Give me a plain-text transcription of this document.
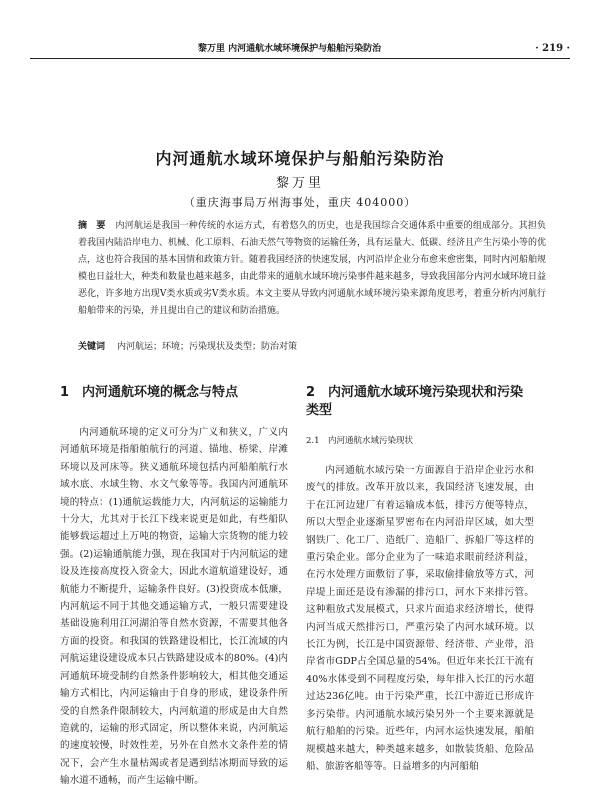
黎万里 内河通航水域环境保护与船舶污染防治	· 219 ·
内河通航水域环境保护与船舶污染防治
黎万里
（重庆海事局万州海事处，重庆 404000）
摘　要 内河航运是我国一种传统的水运方式，有着悠久的历史，也是我国综合交通体系中重要的组成部分。其担负着我国内陆沿岸电力、机械、化工原料、石油天然气等物资的运输任务，具有运量大、低碳、经济且产生污染小等的优点，这也符合我国的基本国情和政策方针。随着我国经济的快速发展，内河沿岸企业分布愈来愈密集，同时内河船舶规模也日益壮大，种类和数量也越来越多，由此带来的通航水域环境污染事件越来越多，导致我国部分内河水域环境日益恶化，许多地方出现Ⅴ类水质或劣Ⅴ类水质。本文主要从导致内河通航水域环境污染来源角度思考，着重分析内河航行船舶带来的污染，并且提出自己的建议和防治措施。
关键词 内河航运；环境；污染现状及类型；防治对策
1　内河通航环境的概念与特点

内河通航环境的定义可分为广义和狭义，广义内河通航环境是指船舶航行的河道、锚地、桥梁、岸滩环境以及河床等。狭义通航环境包括内河船舶航行水域水底、水域生物、水文气象等等。我国内河通航环境的特点：(1)通航运载能力大，内河航运的运输能力十分大，尤其对于长江下线来说更是如此，有些船队能够载运超过上万吨的物资，运输大宗货物的能力较强。(2)运输通航能力强，现在我国对于内河航运的建设及连接高度投入资金大，因此水道航道建设好，通航能力不断提升，运输条件良好。(3)投资成本低廉，内河航运不同于其他交通运输方式，一般只需要建设基础设施利用江河湖泊等自然水资源，不需要其他各方面的投资。和我国的铁路建设相比，长江流域的内河航运建设建设成本只占铁路建设成本的80%。(4)内河通航环境受制约自然条件影响较大，相其他交通运输方式相比，内河运输由于自身的形成，建设条件所受的自然条件限制较大，内河航道的形成是由大自然造就的，运输的形式固定，所以整体来说，内河航运的速度较慢，时效性差，另外在自然水文条件差的情况下，会产生水量枯竭或者是遇到结冰期而导致的运输水道不通畅，而产生运输中断。

2　内河通航水域环境污染现状和污染类型
2.1　内河通航水域污染现状

内河通航水域污染一方面源自于沿岸企业污水和废气的排放。改革开放以来，我国经济飞速发展，由于在江河边建厂有着运输成本低，排污方便等特点，所以大型企业逐渐星罗密布在内河沿岸区域，如大型钢铁厂、化工厂、造纸厂、造船厂、拆船厂等这样的重污染企业。部分企业为了一味追求眼前经济利益，在污水处理方面敷衍了事，采取偷排偷放等方式，河岸堤上面还是设有渗漏的排污口，河水下来排污管。这种粗放式发展模式，只求片面追求经济增长，使得内河当成天然排污口，严重污染了内河水域环境。以长江为例，长江是中国资源带、经济带、产业带，沿岸省市GDP占全国总量的54%。但近年来长江干流有40%水体受到不同程度污染，每年排入长江的污水超过达236亿吨。由于污染严重，长江中游近已形成许多污染带。内河通航水域污染另外一个主要来源就是航行船舶的污染。近些年，内河水运快速发展，船舶规模越来越大，种类越来越多，如散装货船、危险品船、旅游客船等等。日益增多的内河船舶
